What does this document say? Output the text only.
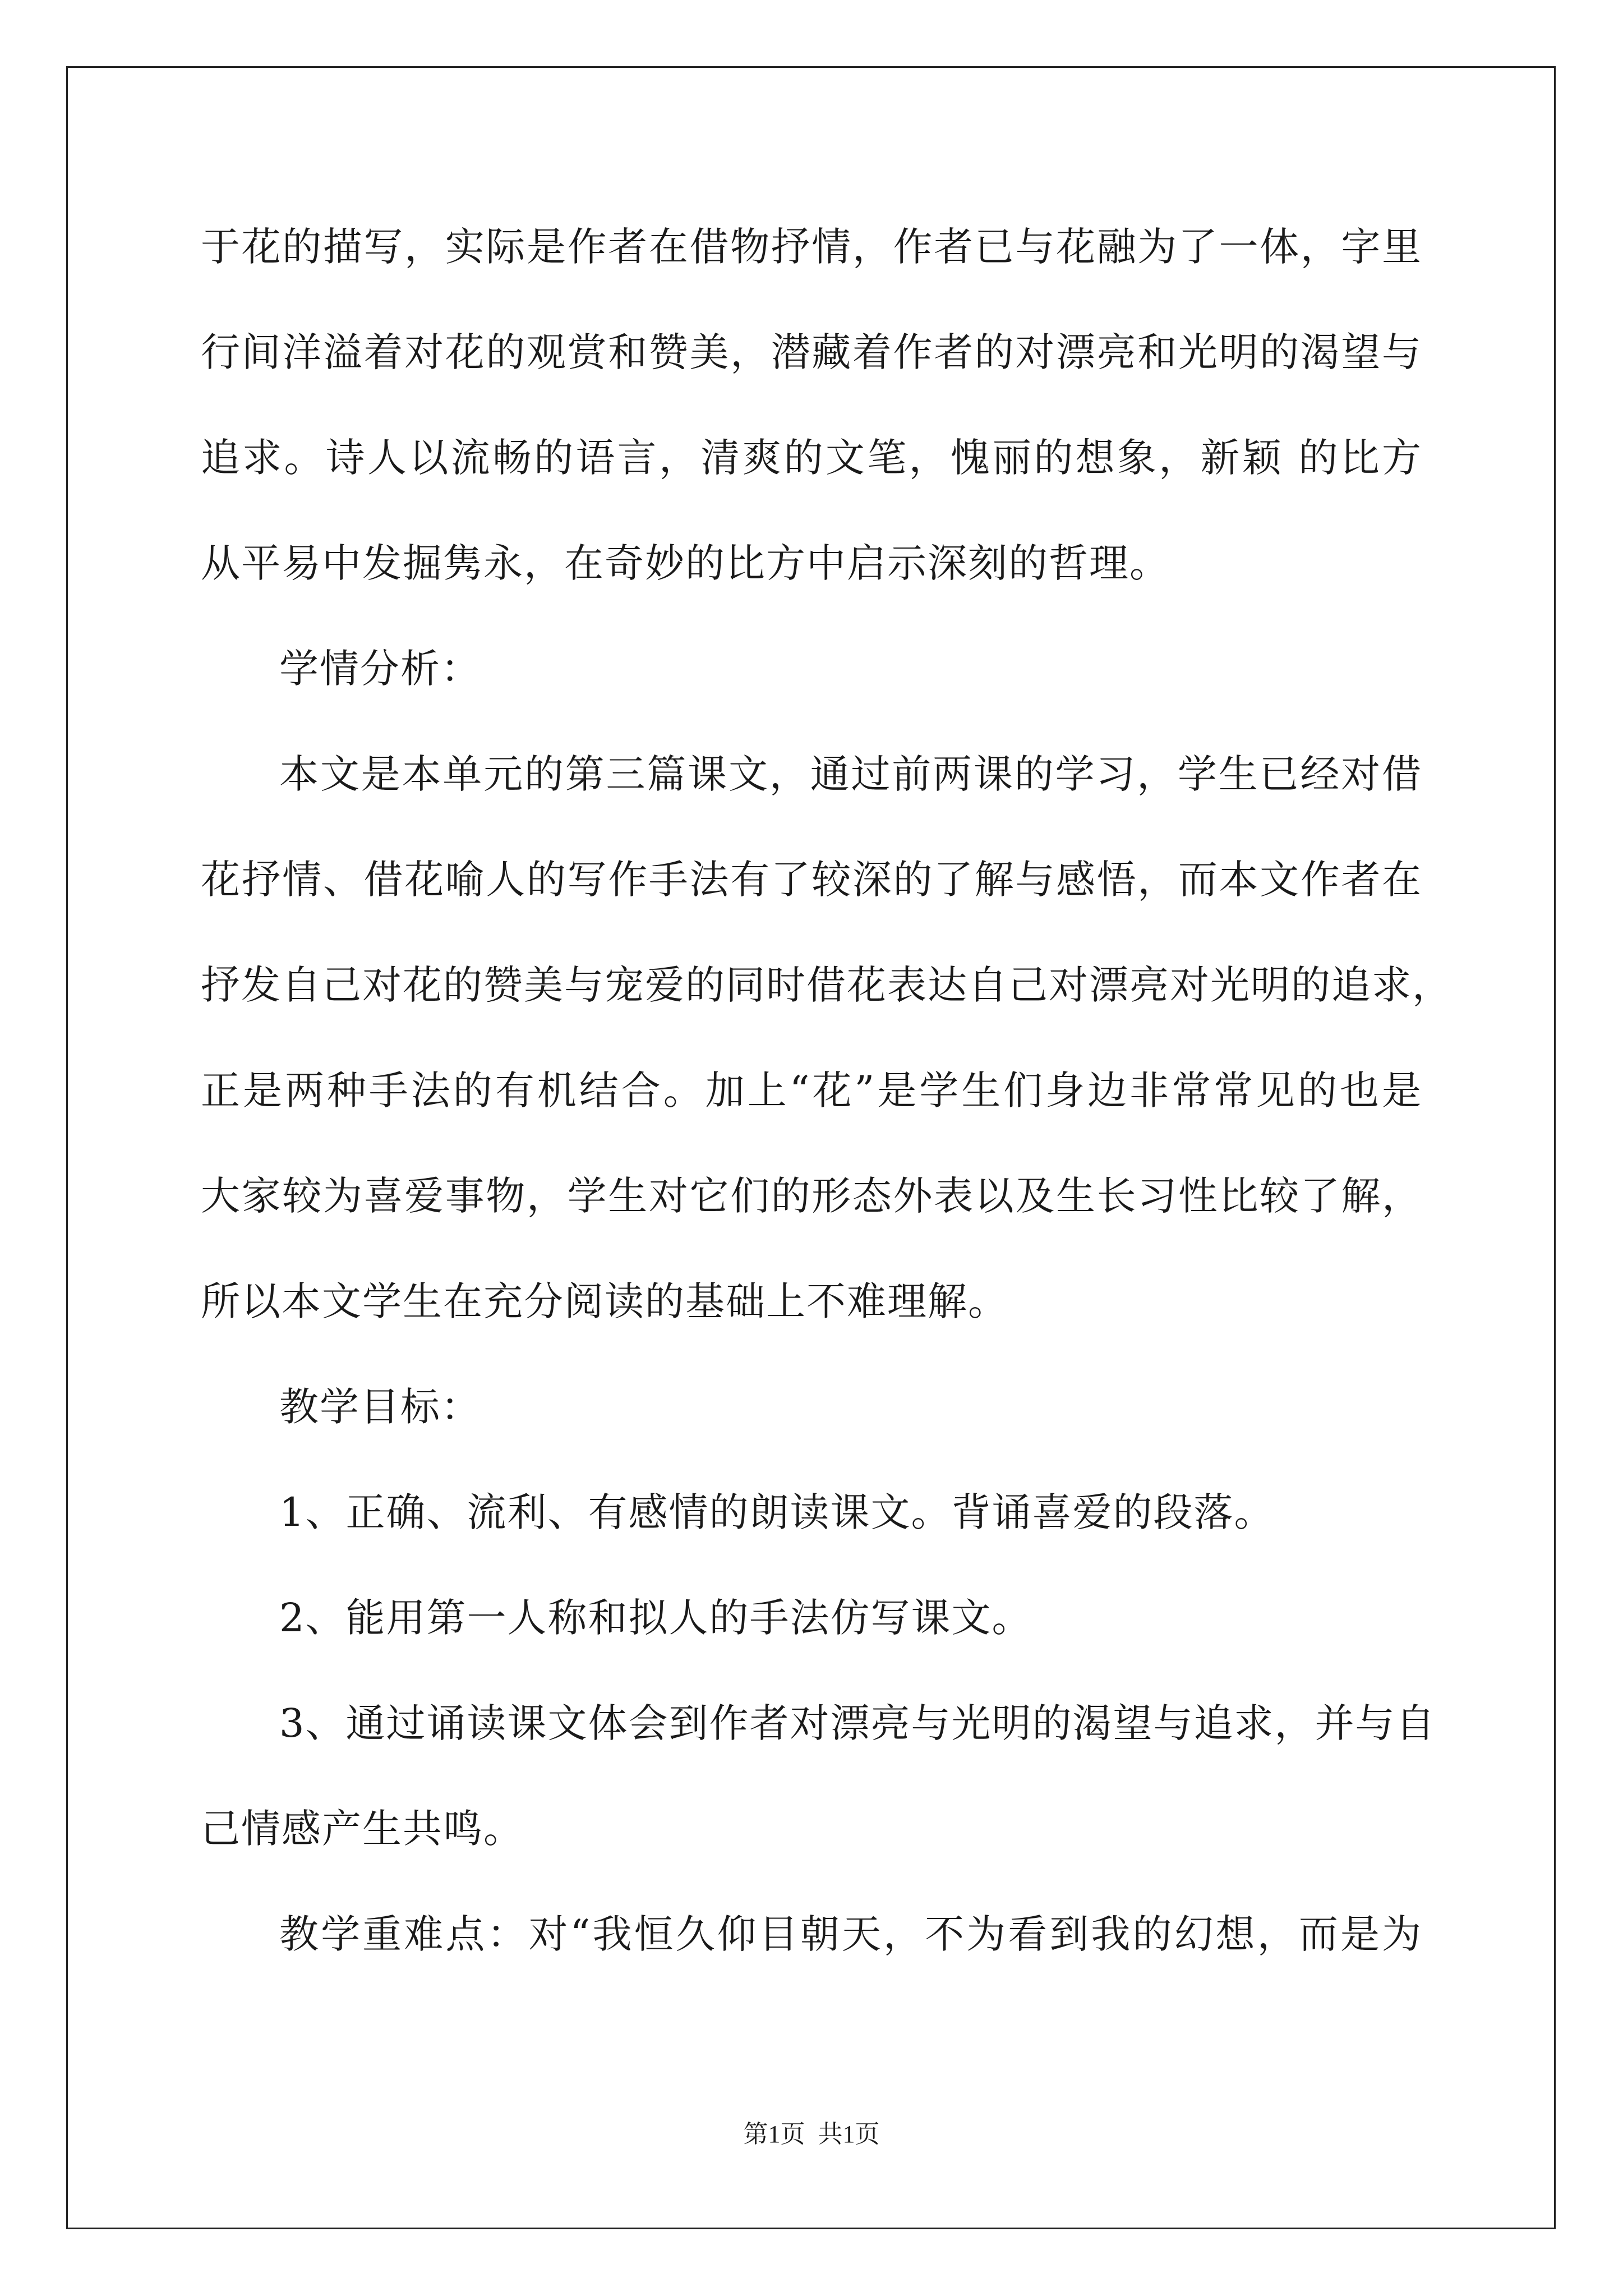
于花的描写，实际是作者在借物抒情，作者已与花融为了一体，字里
行间洋溢着对花的观赏和赞美，潜藏着作者的对漂亮和光明的渴望与
追求。诗人以流畅的语言，清爽的文笔，愧丽的想象，新颖 的比方
从平易中发掘隽永，在奇妙的比方中启示深刻的哲理。
学情分析：
本文是本单元的第三篇课文，通过前两课的学习，学生已经对借
花抒情、借花喻人的写作手法有了较深的了解与感悟，而本文作者在
抒发自己对花的赞美与宠爱的同时借花表达自己对漂亮对光明的追求，
正是两种手法的有机结合。加上“花”是学生们身边非常常见的也是
大家较为喜爱事物，学生对它们的形态外表以及生长习性比较了解，
所以本文学生在充分阅读的基础上不难理解。
教学目标：
1、正确、流利、有感情的朗读课文。背诵喜爱的段落。
2、能用第一人称和拟人的手法仿写课文。
3、通过诵读课文体会到作者对漂亮与光明的渴望与追求，并与自
己情感产生共鸣。
教学重难点：对“我恒久仰目朝天，不为看到我的幻想，而是为
第1页 共1页
